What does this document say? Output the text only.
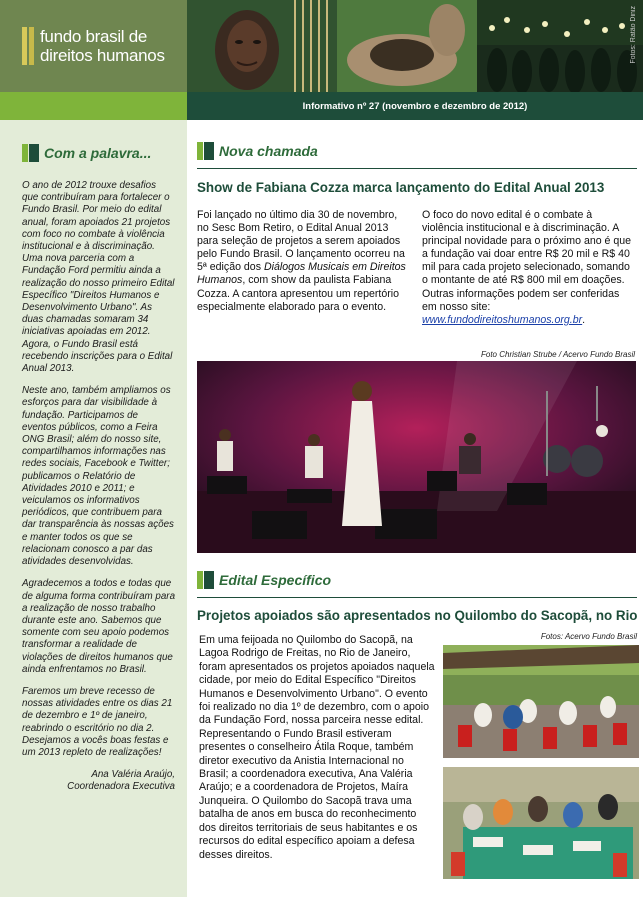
fundo brasil de
direitos humanos	Fotos: Ratão Diniz
Informativo nº 27 (novembro e dezembro de 2012)
Com a palavra...

O ano de 2012 trouxe desafios que contribuíram para fortalecer o Fundo Brasil. Por meio do edital anual, foram apoiados 21 projetos com foco no combate à violência institucional e à discriminação. Uma nova parceria com a Fundação Ford permitiu ainda a realização do nosso primeiro Edital Específico "Direitos Humanos e Desenvolvimento Urbano". As duas chamadas somaram 34 iniciativas apoiadas em 2012. Agora, o Fundo Brasil está recebendo inscrições para o Edital Anual 2013.

Neste ano, também ampliamos os esforços para dar visibilidade à fundação. Participamos de eventos públicos, como a Feira ONG Brasil; além do nosso site, compartilhamos informações nas redes sociais, Facebook e Twitter; publicamos o Relatório de Atividades 2010 e 2011; e veiculamos os informativos periódicos, que contribuem para dar transparência às nossas ações e manter todos os que se relacionam conosco a par das atividades desenvolvidas.

Agradecemos a todos e todas que de alguma forma contribuíram para a realização de nosso trabalho durante este ano. Sabemos que somente com seu apoio podemos transformar a realidade de violações de direitos humanos que ainda enfrentamos no Brasil.

Faremos um breve recesso de nossas atividades entre os dias 21 de dezembro e 1º de janeiro, reabrindo o escritório no dia 2. Desejamos a vocês boas festas e um 2013 repleto de realizações!

Ana Valéria Araújo,
Coordenadora Executiva
Nova chamada
Show de Fabiana Cozza marca lançamento do Edital Anual 2013
Foi lançado no último dia 30 de novembro, no Sesc Bom Retiro, o Edital Anual 2013 para seleção de projetos a serem apoiados pelo Fundo Brasil. O lançamento ocorreu na 5ª edição dos Diálogos Musicais em Direitos Humanos, com show da paulista Fabiana Cozza. A cantora apresentou um repertório especialmente elaborado para o evento.
O foco do novo edital é o combate à violência institucional e à discriminação. A principal novidade para o próximo ano é que a fundação vai doar entre R$ 20 mil e R$ 40 mil para cada projeto selecionado, somando o montante de até R$ 800 mil em doações. Outras informações podem ser conferidas em nosso site: www.fundodireitoshumanos.org.br.
Foto Christian Strube / Acervo Fundo Brasil
Edital Específico
Projetos apoiados são apresentados no Quilombo do Sacopã, no Rio
Em uma feijoada no Quilombo do Sacopã, na Lagoa Rodrigo de Freitas, no Rio de Janeiro, foram apresentados os projetos apoiados naquela cidade, por meio do Edital Específico "Direitos Humanos e Desenvolvimento Urbano". O evento foi realizado no dia 1º de dezembro, com o apoio da Fundação Ford, nossa parceira nesse edital. Representando o Fundo Brasil estiveram presentes o conselheiro Átila Roque, também diretor executivo da Anistia Internacional no Brasil; a coordenadora executiva, Ana Valéria Araújo; e a coordenadora de Projetos, Maíra Junqueira. O Quilombo do Sacopã trava uma batalha de anos em busca do reconhecimento dos direitos territoriais de seus habitantes e os recursos do edital específico apoiam a defesa desses direitos.
Fotos: Acervo Fundo Brasil
